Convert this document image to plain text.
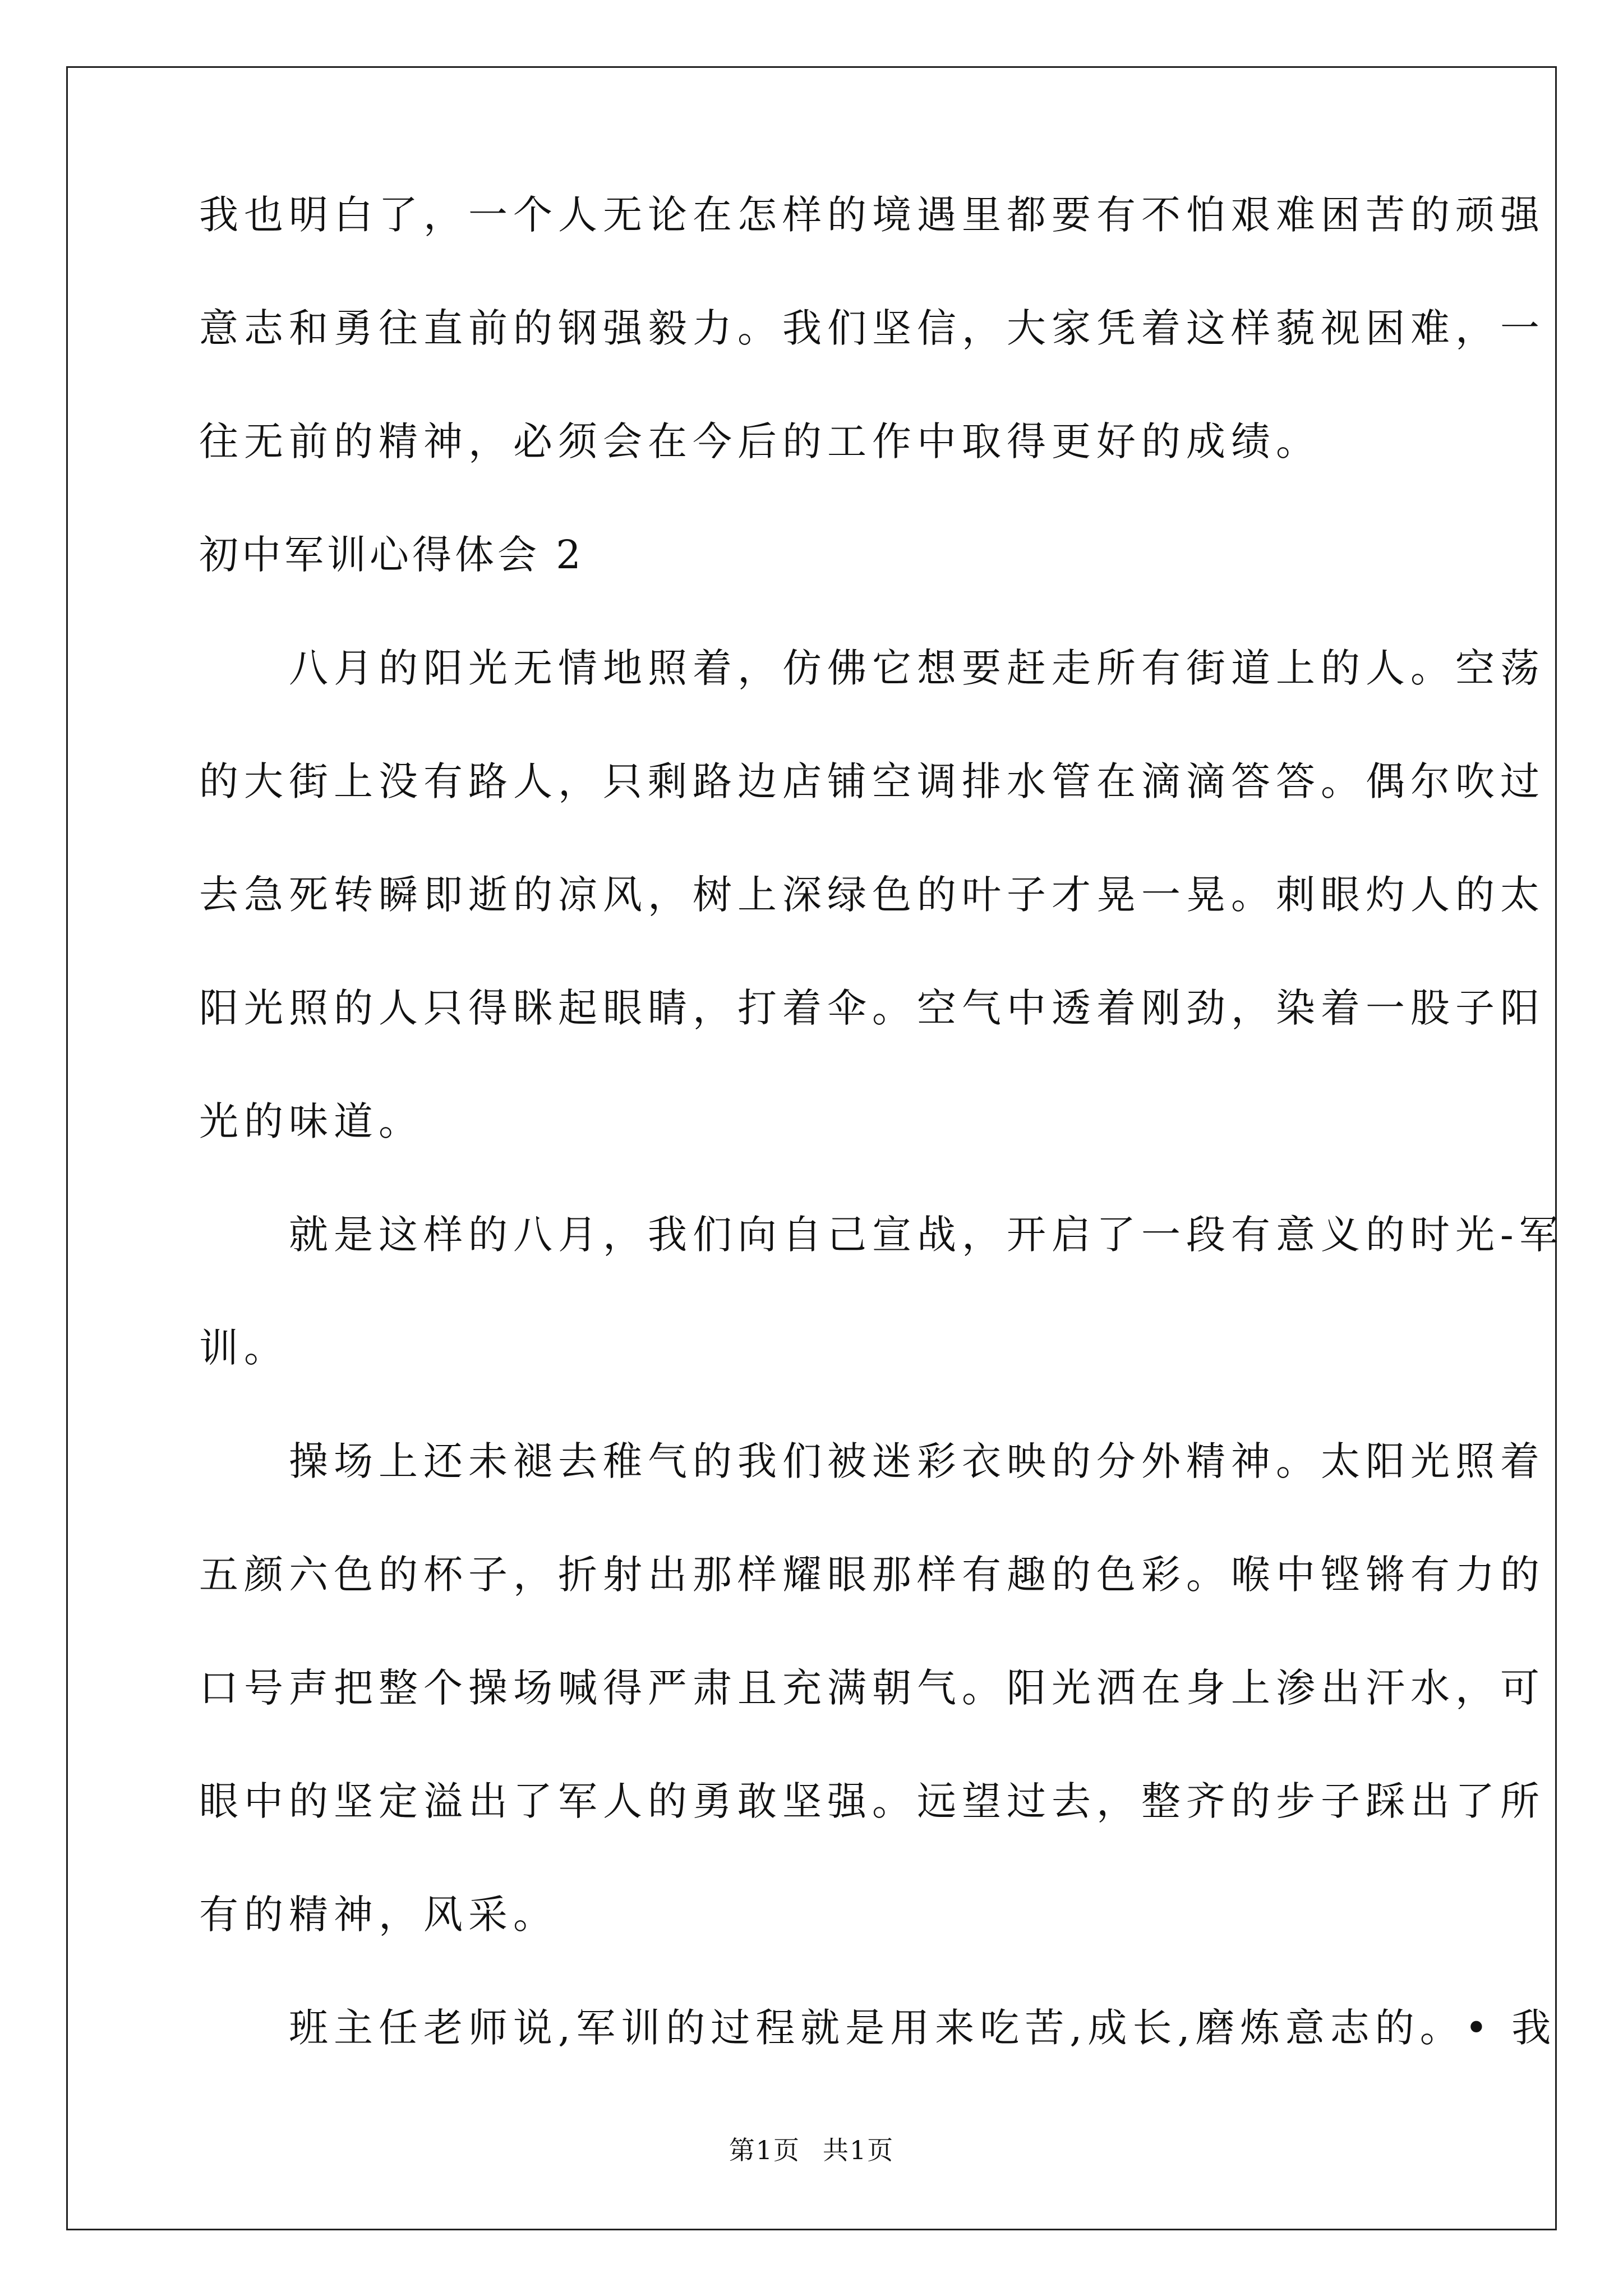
我也明白了，一个人无论在怎样的境遇里都要有不怕艰难困苦的顽强
意志和勇往直前的钢强毅力。我们坚信，大家凭着这样藐视困难，一
往无前的精神，必须会在今后的工作中取得更好的成绩。
初中军训心得体会 2
　　八月的阳光无情地照着，仿佛它想要赶走所有街道上的人。空荡
的大街上没有路人，只剩路边店铺空调排水管在滴滴答答。偶尔吹过
去急死转瞬即逝的凉风，树上深绿色的叶子才晃一晃。刺眼灼人的太
阳光照的人只得眯起眼睛，打着伞。空气中透着刚劲，染着一股子阳
光的味道。
　　就是这样的八月，我们向自己宣战，开启了一段有意义的时光-军
训。
　　操场上还未褪去稚气的我们被迷彩衣映的分外精神。太阳光照着
五颜六色的杯子，折射出那样耀眼那样有趣的色彩。喉中铿锵有力的
口号声把整个操场喊得严肃且充满朝气。阳光洒在身上渗出汗水，可
眼中的坚定溢出了军人的勇敢坚强。远望过去，整齐的步子踩出了所
有的精神，风采。
　　班主任老师说,军训的过程就是用来吃苦,成长,磨炼意志的。• 我
第1页 共1页
